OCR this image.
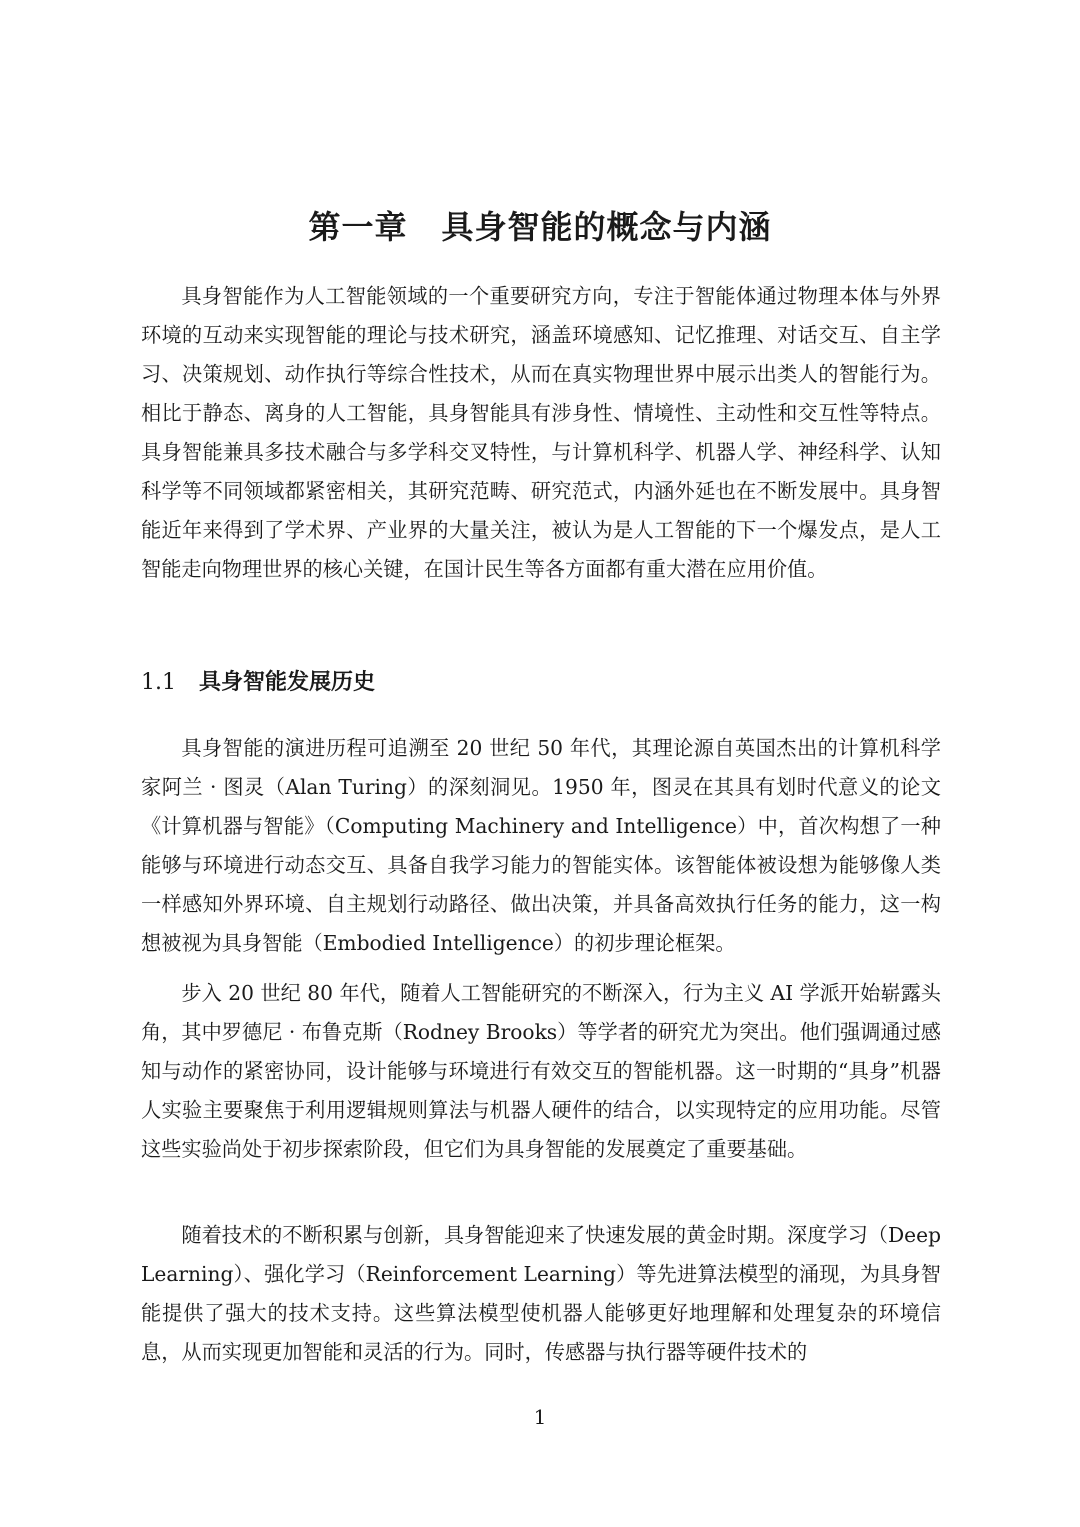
第一章 具身智能的概念与内涵

具身智能作为人工智能领域的一个重要研究方向，专注于智能体通过物理本体与外界环境的互动来实现智能的理论与技术研究，涵盖环境感知、记忆推理、对话交互、自主学习、决策规划、动作执行等综合性技术，从而在真实物理世界中展示出类人的智能行为。相比于静态、离身的人工智能，具身智能具有涉身性、情境性、主动性和交互性等特点。具身智能兼具多技术融合与多学科交叉特性，与计算机科学、机器人学、神经科学、认知科学等不同领域都紧密相关，其研究范畴、研究范式，内涵外延也在不断发展中。具身智能近年来得到了学术界、产业界的大量关注，被认为是人工智能的下一个爆发点，是人工智能走向物理世界的核心关键，在国计民生等各方面都有重大潜在应用价值。

1.1 具身智能发展历史

具身智能的演进历程可追溯至 20 世纪 50 年代，其理论源自英国杰出的计算机科学家阿兰 · 图灵（Alan Turing）的深刻洞见。1950 年，图灵在其具有划时代意义的论文《计算机器与智能》（Computing Machinery and Intelligence）中，首次构想了一种能够与环境进行动态交互、具备自我学习能力的智能实体。该智能体被设想为能够像人类一样感知外界环境、自主规划行动路径、做出决策，并具备高效执行任务的能力，这一构想被视为具身智能（Embodied Intelligence）的初步理论框架。

步入 20 世纪 80 年代，随着人工智能研究的不断深入，行为主义 AI 学派开始崭露头角，其中罗德尼 · 布鲁克斯（Rodney Brooks）等学者的研究尤为突出。他们强调通过感知与动作的紧密协同，设计能够与环境进行有效交互的智能机器。这一时期的“具身”机器人实验主要聚焦于利用逻辑规则算法与机器人硬件的结合，以实现特定的应用功能。尽管这些实验尚处于初步探索阶段，但它们为具身智能的发展奠定了重要基础。

随着技术的不断积累与创新，具身智能迎来了快速发展的黄金时期。深度学习（Deep Learning）、强化学习（Reinforcement Learning）等先进算法模型的涌现，为具身智能提供了强大的技术支持。这些算法模型使机器人能够更好地理解和处理复杂的环境信息，从而实现更加智能和灵活的行为。同时，传感器与执行器等硬件技术的

1
